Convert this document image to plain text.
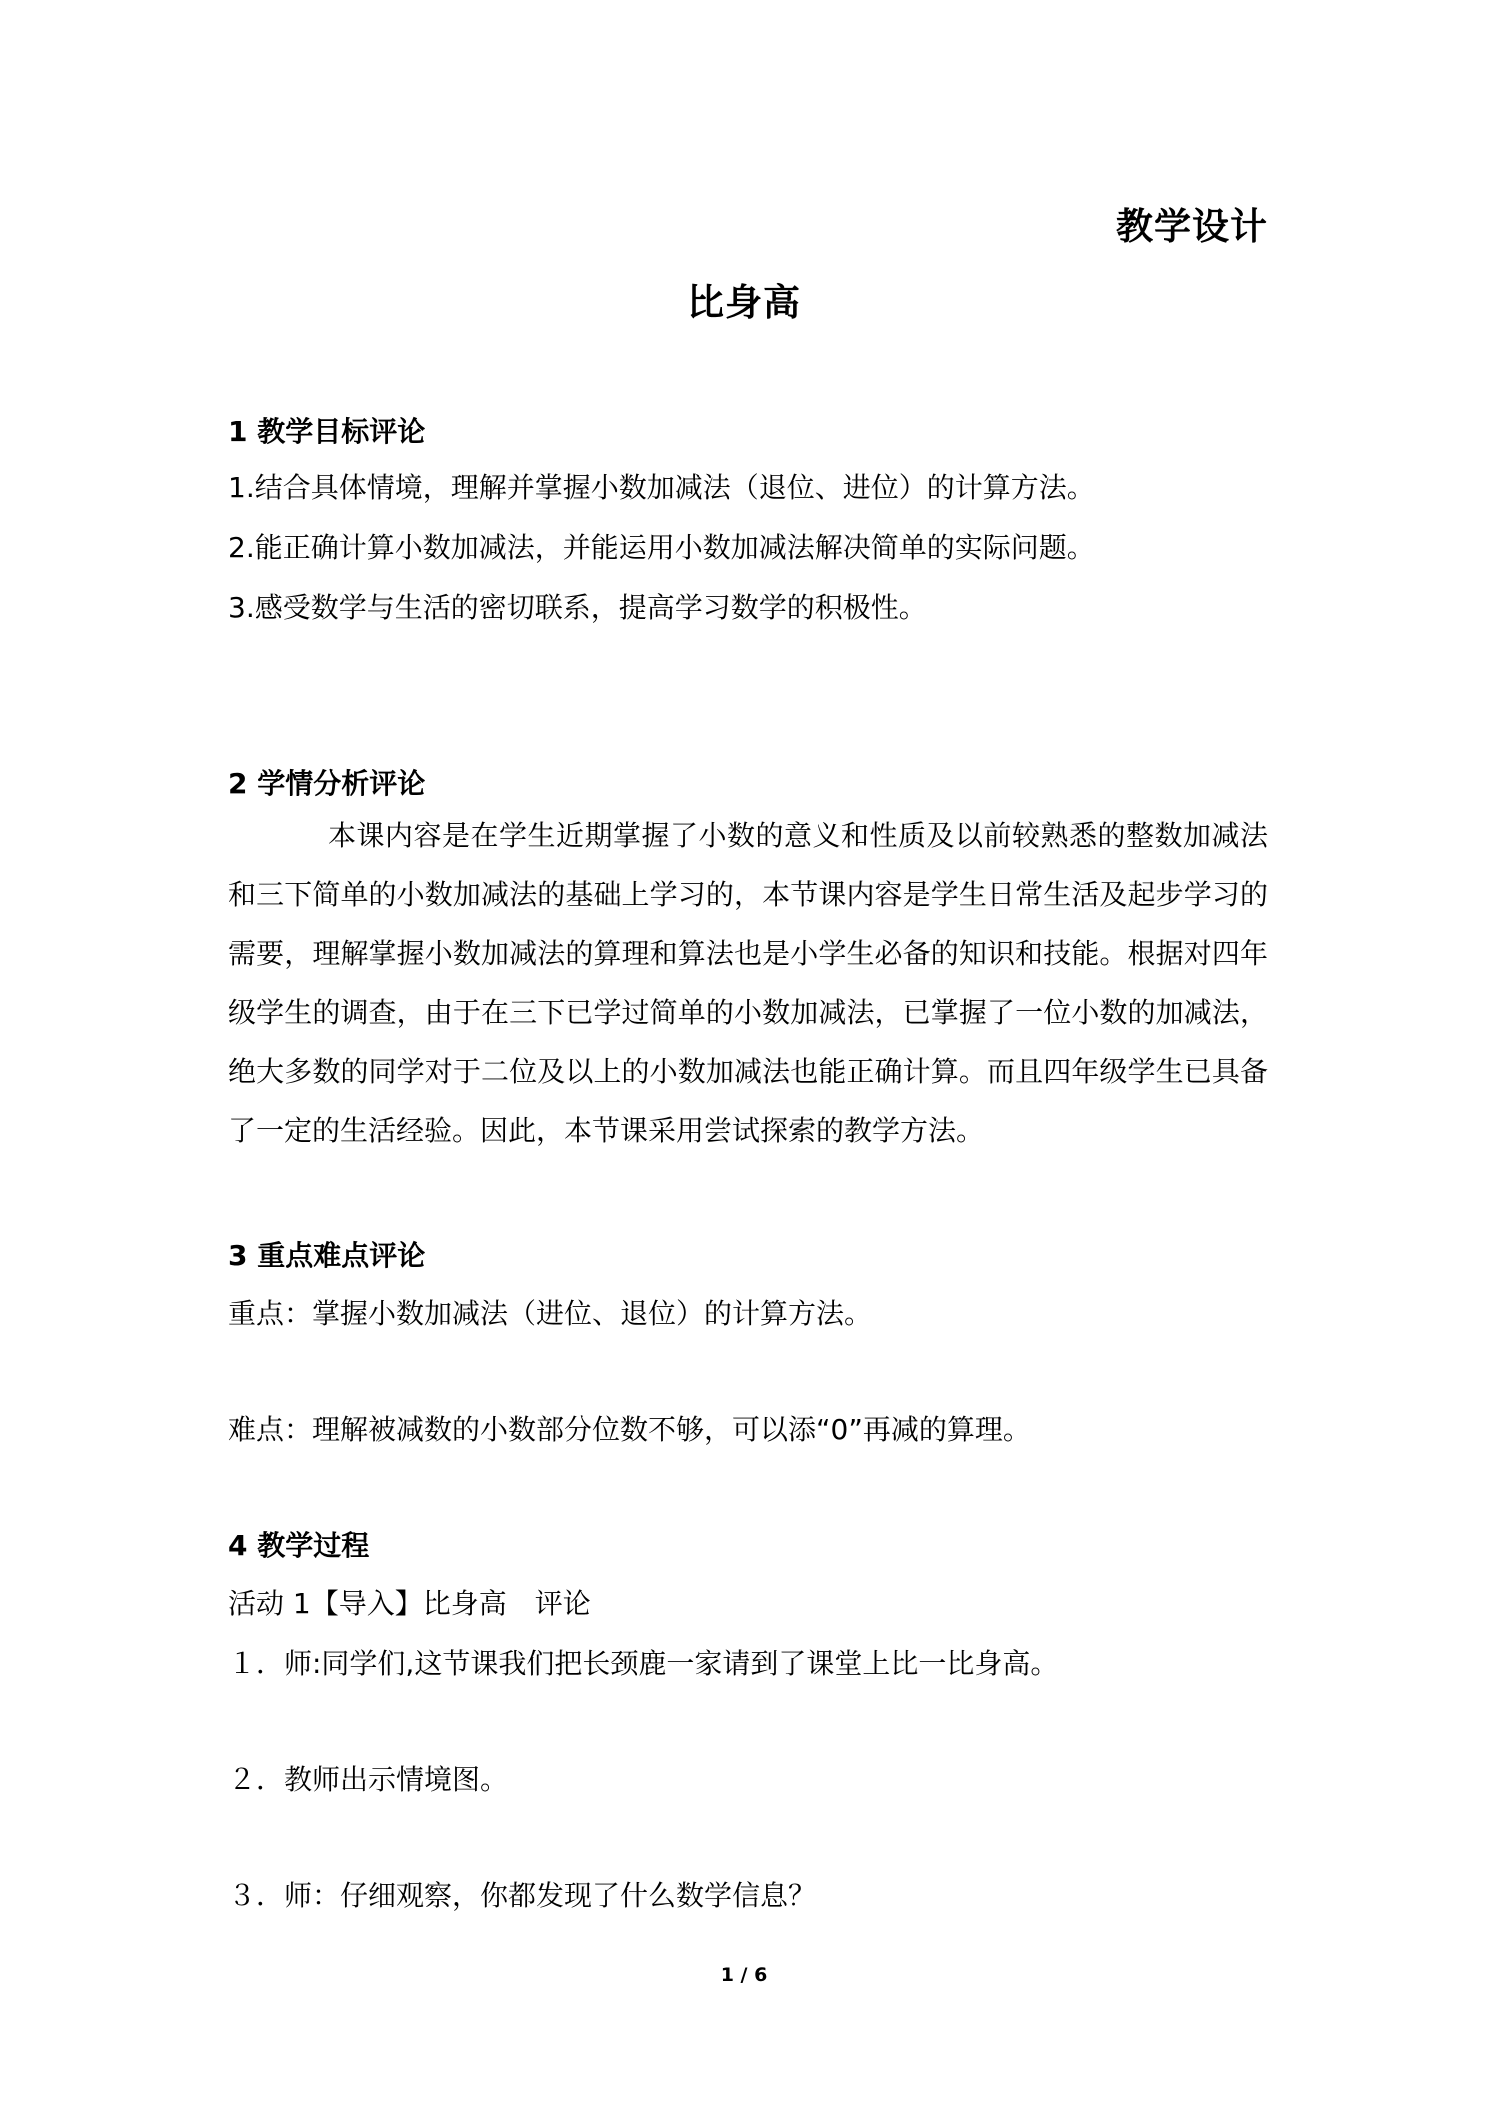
教学设计
比身高
1 教学目标评论
1.结合具体情境，理解并掌握小数加减法（退位、进位）的计算方法。
2.能正确计算小数加减法，并能运用小数加减法解决简单的实际问题。
3.感受数学与生活的密切联系，提高学习数学的积极性。
2 学情分析评论

本课内容是在学生近期掌握了小数的意义和性质及以前较熟悉的整数加减法和三下简单的小数加减法的基础上学习的，本节课内容是学生日常生活及起步学习的需要，理解掌握小数加减法的算理和算法也是小学生必备的知识和技能。根据对四年级学生的调查，由于在三下已学过简单的小数加减法，已掌握了一位小数的加减法，绝大多数的同学对于二位及以上的小数加减法也能正确计算。而且四年级学生已具备了一定的生活经验。因此，本节课采用尝试探索的教学方法。

3 重点难点评论
重点：掌握小数加减法（进位、退位）的计算方法。
难点：理解被减数的小数部分位数不够，可以添“0”再减的算理。
4 教学过程
活动 1【导入】比身高　评论
１．师:同学们,这节课我们把长颈鹿一家请到了课堂上比一比身高。
２．教师出示情境图。
３．师：仔细观察，你都发现了什么数学信息？
1 / 6
